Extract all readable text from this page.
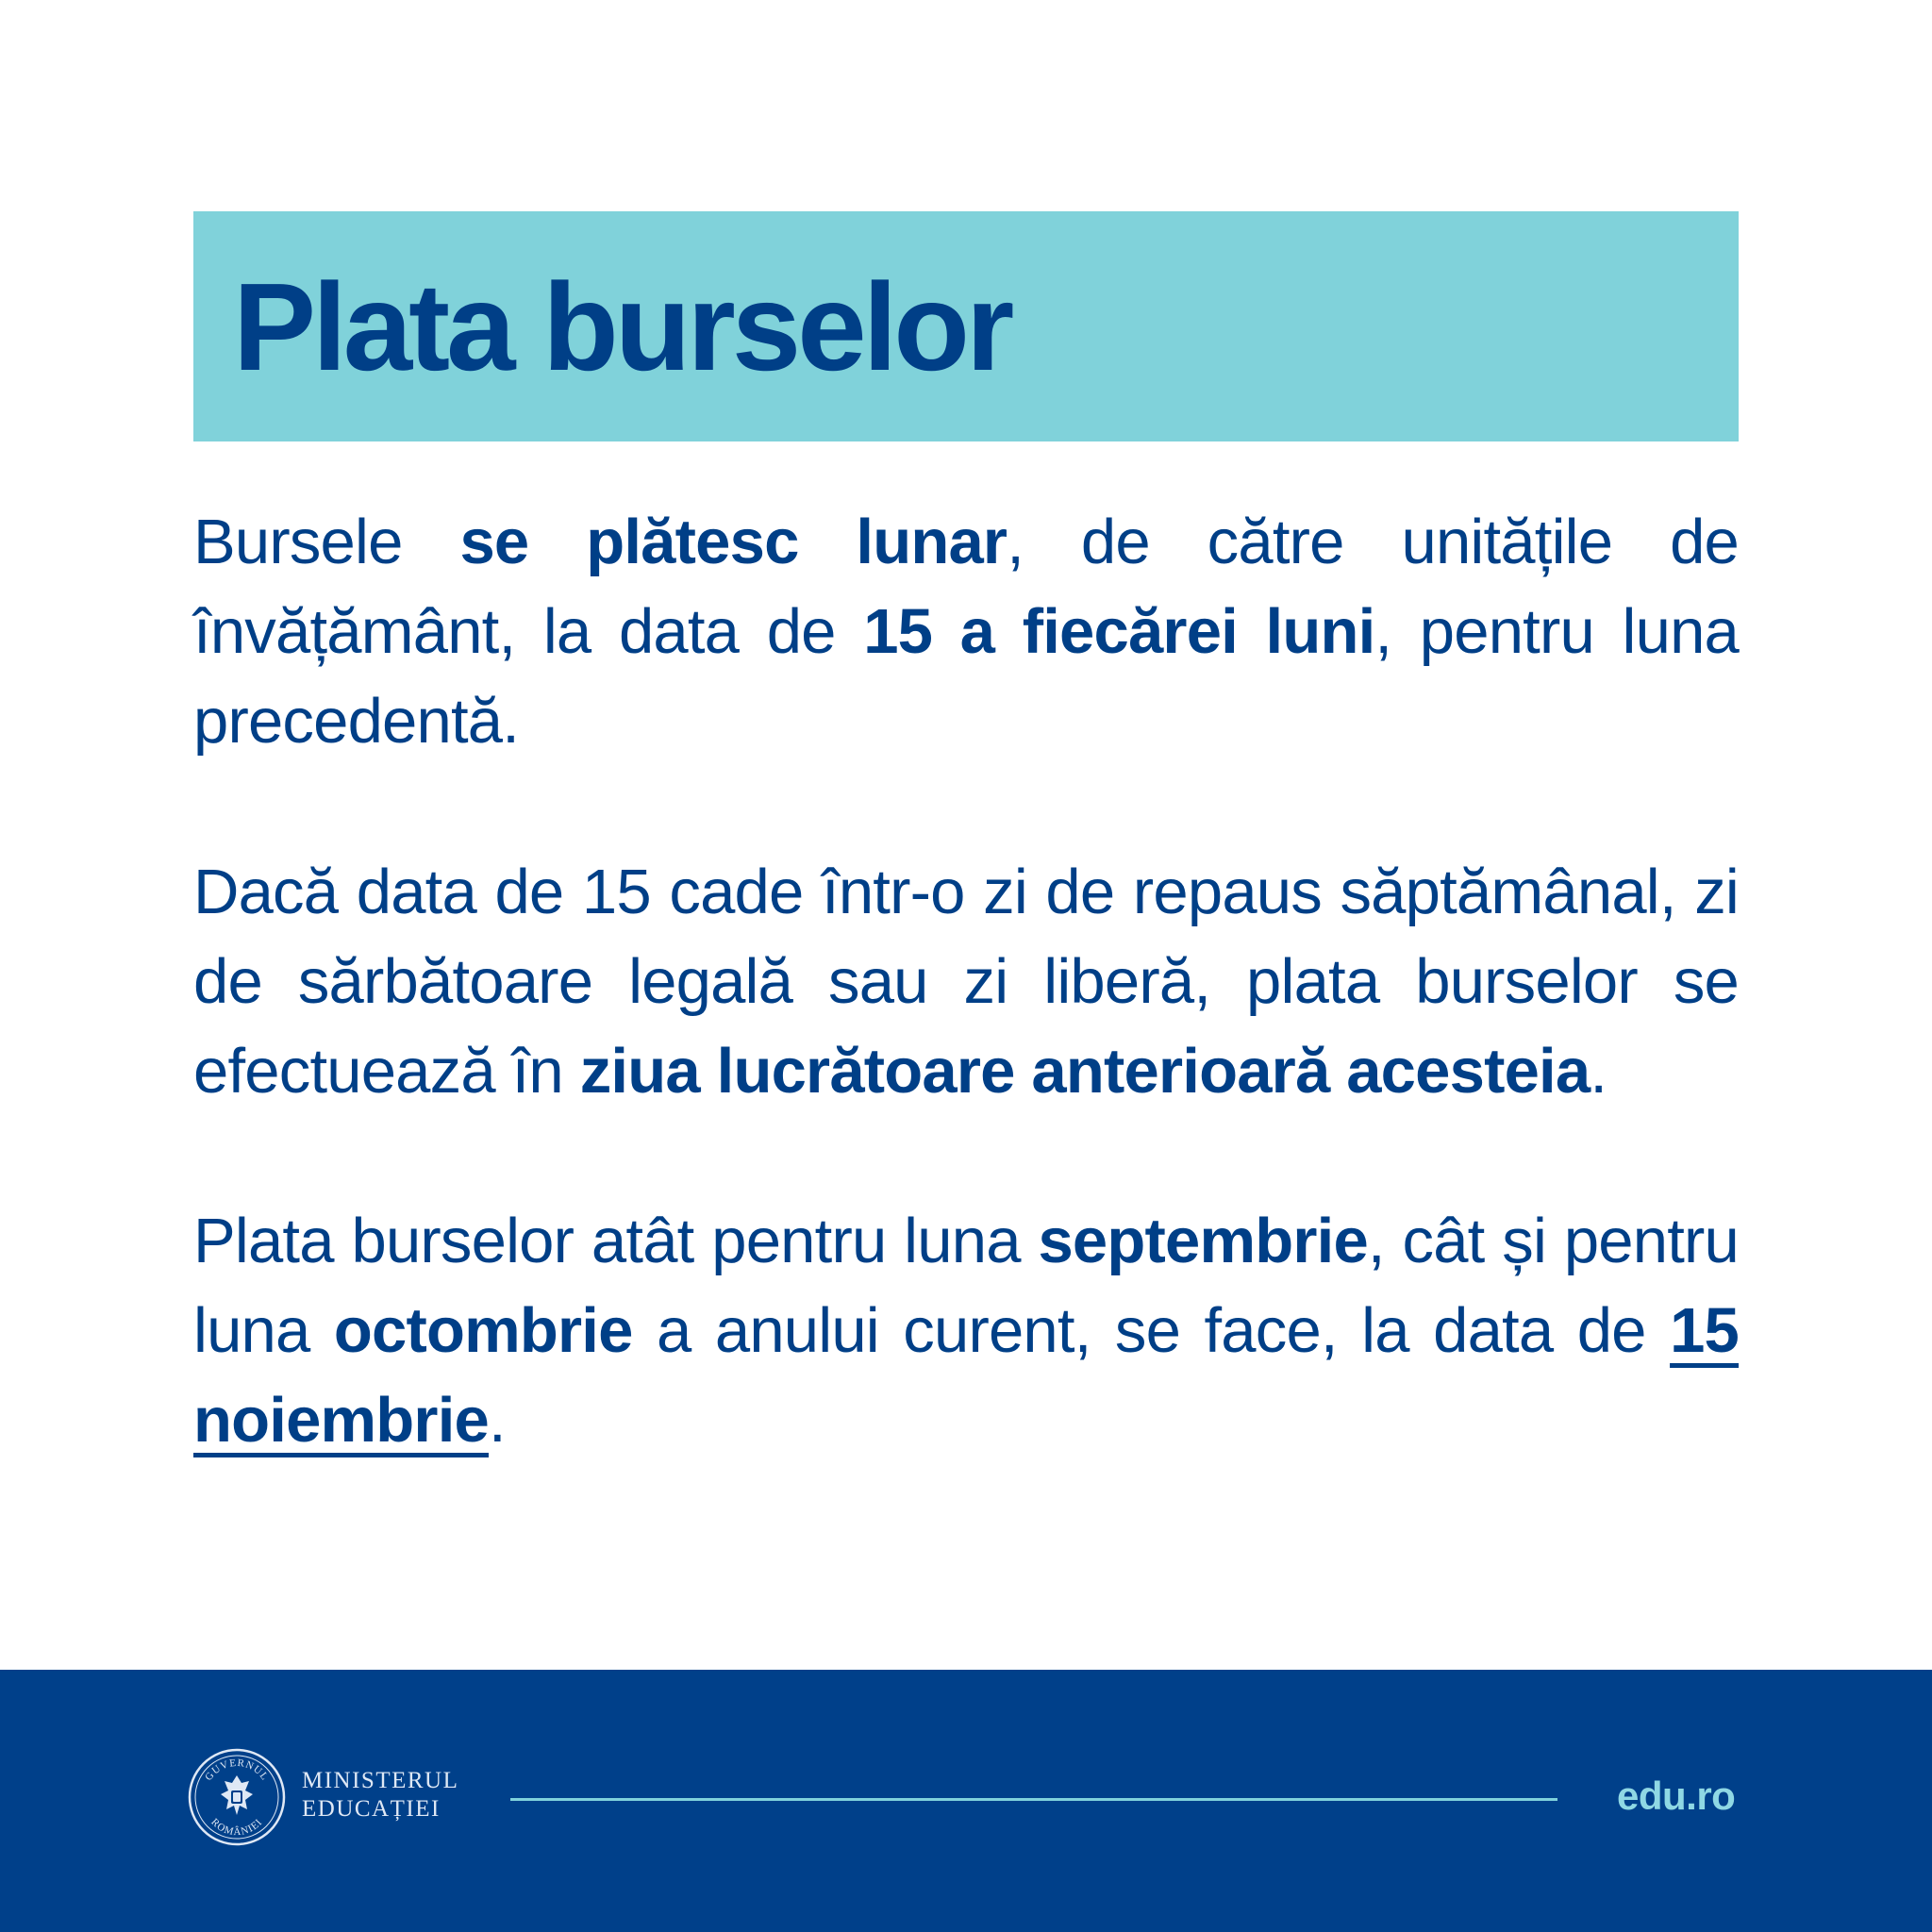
Plata burselor

Bursele se plătesc lunar, de către unitățile de învățământ, la data de 15 a fiecărei luni, pentru luna precedentă.

Dacă data de 15 cade într-o zi de repaus săptămânal, zi de sărbătoare legală sau zi liberă, plata burselor se efectuează în ziua lucrătoare anterioară acesteia.

Plata burselor atât pentru luna septembrie, cât și pentru luna octombrie a anului curent, se face, la data de 15 noiembrie.

GUVERNUL
ROMÂNIEI
MINISTERUL
EDUCAȚIEI	edu.ro
